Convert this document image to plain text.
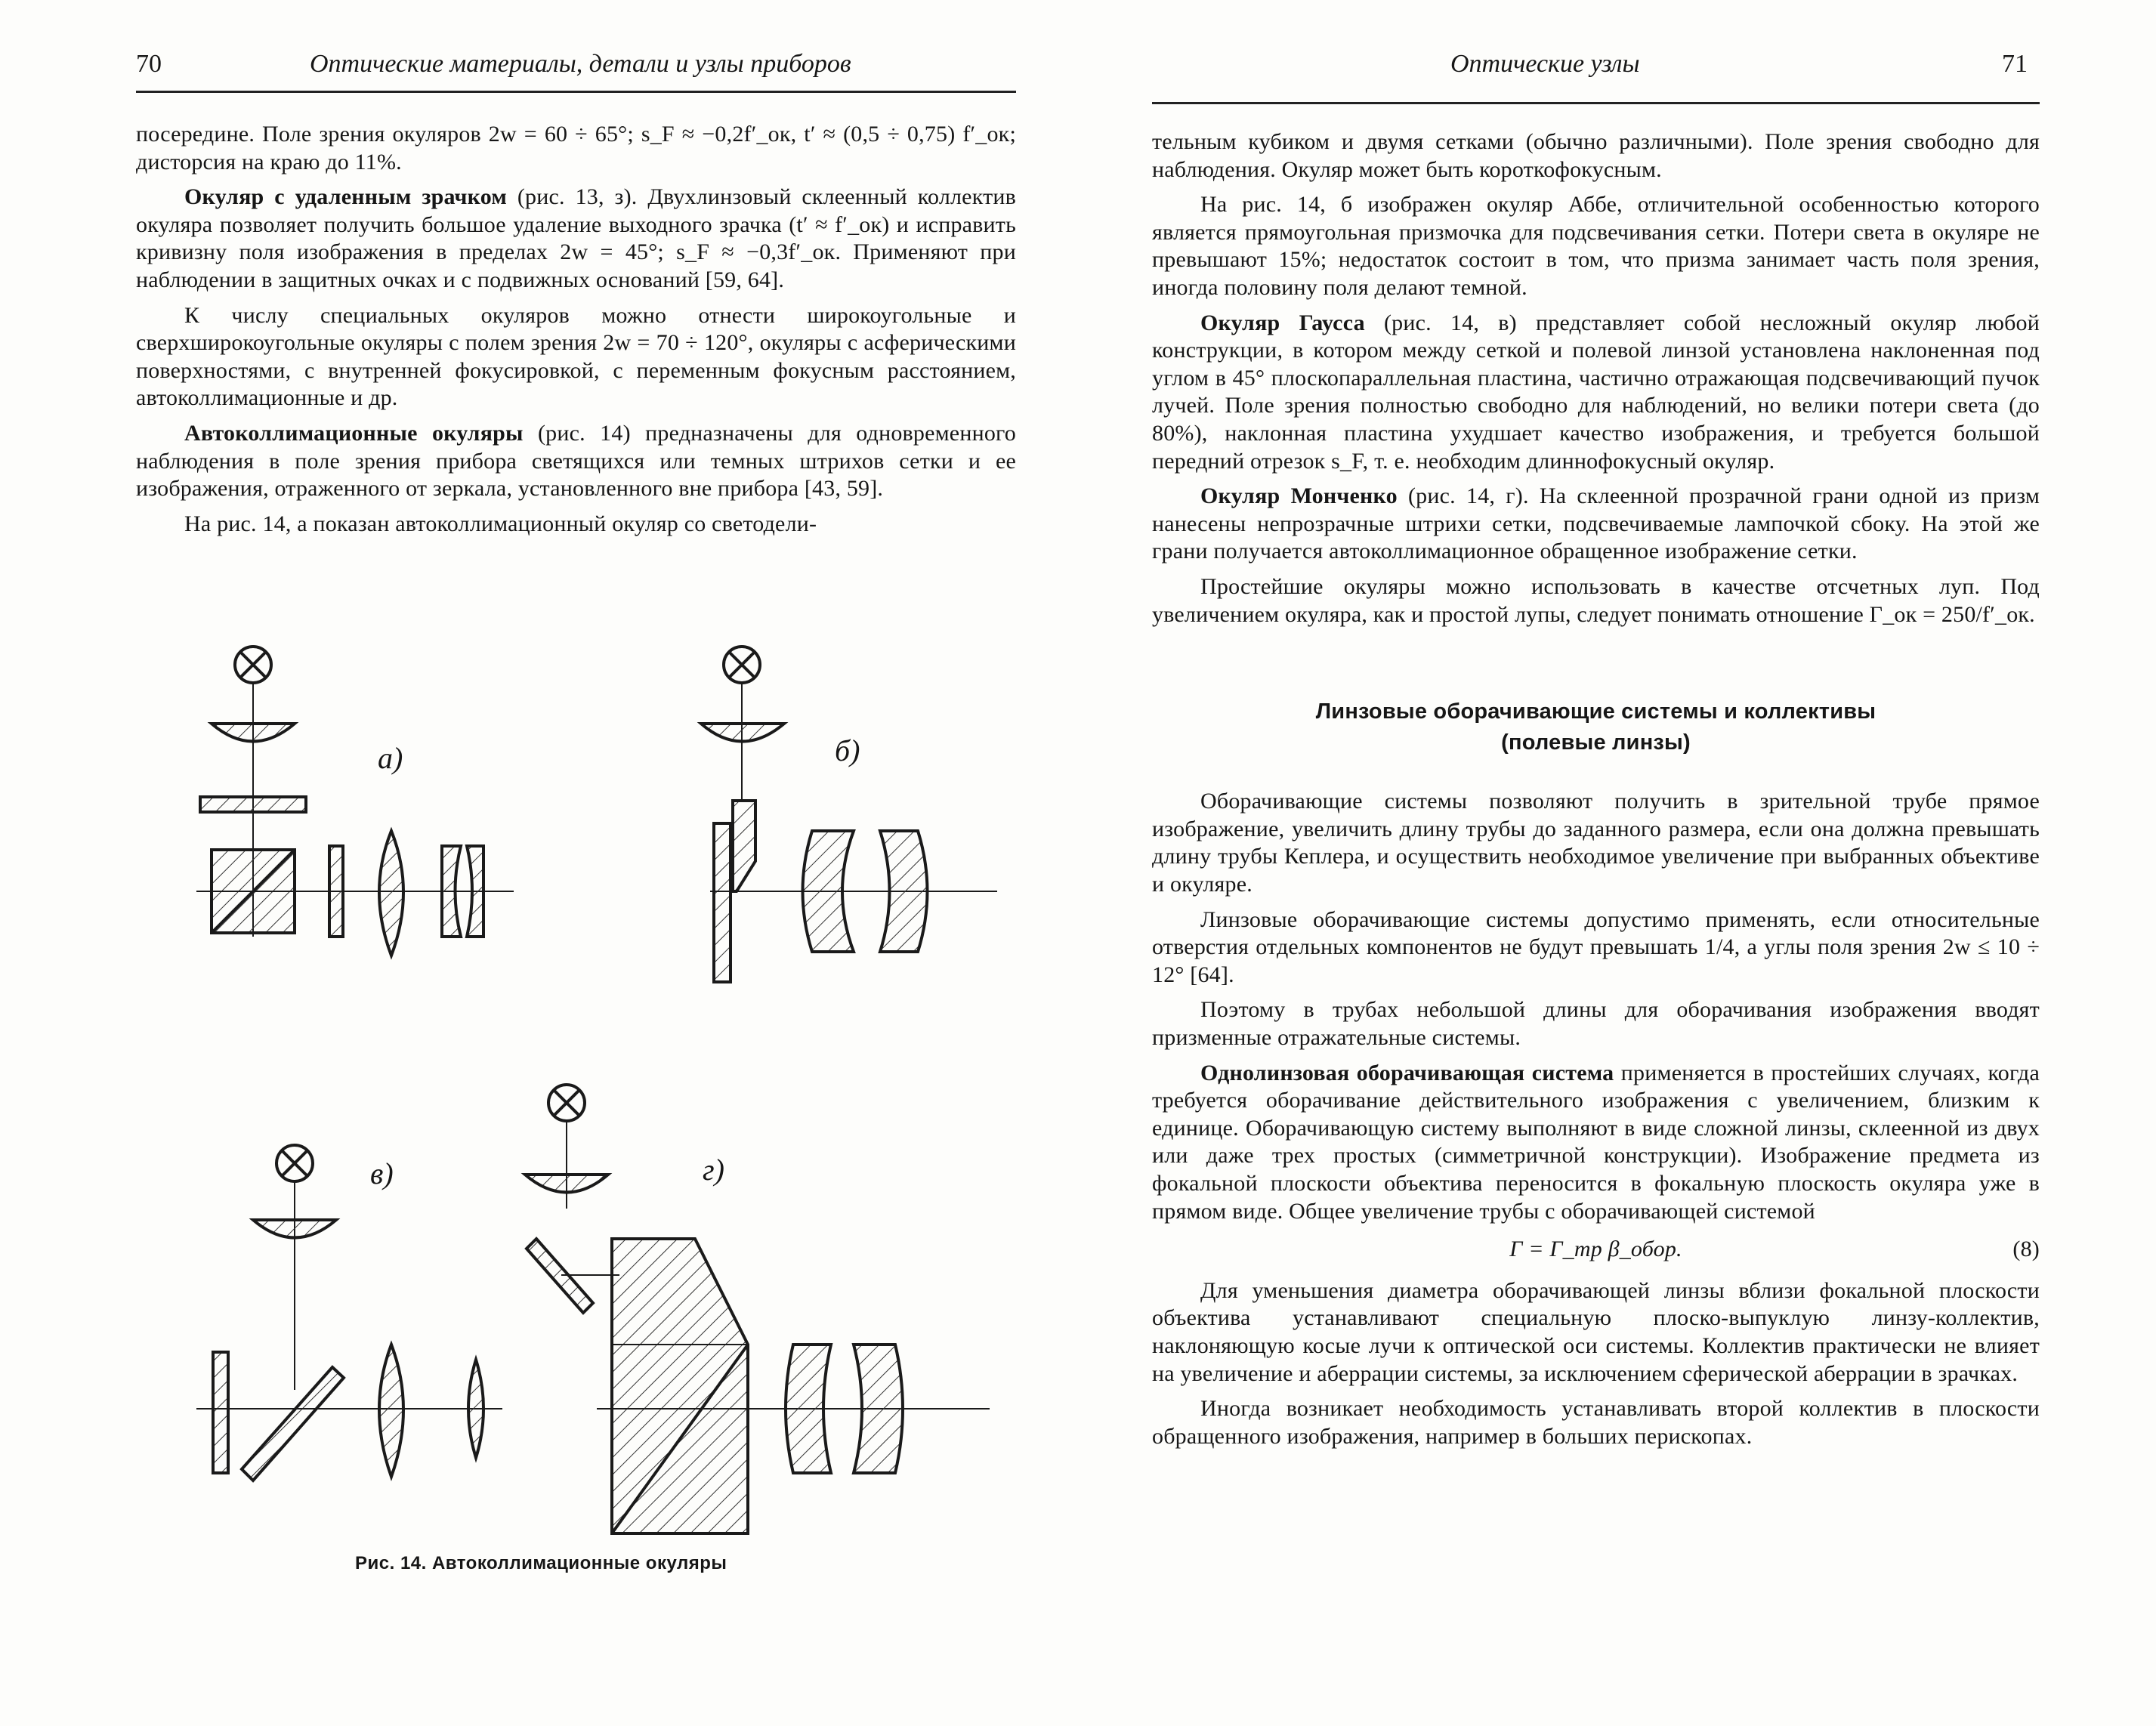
70	Оптические материалы, детали и узлы приборов

посередине. Поле зрения окуляров 2w = 60 ÷ 65°; s_F ≈ −0,2f′_ок, t′ ≈ (0,5 ÷ 0,75) f′_ок; дисторсия на краю до 11%.

Окуляр с удаленным зрачком (рис. 13, з). Двухлинзовый склеенный коллектив окуляра позволяет получить большое удаление выходного зрачка (t′ ≈ f′_ок) и исправить кривизну поля изображения в пределах 2w = 45°; s_F ≈ −0,3f′_ок. Применяют при наблюдении в защитных очках и с подвижных оснований [59, 64].

К числу специальных окуляров можно отнести широкоугольные и сверхширокоугольные окуляры с полем зрения 2w = 70 ÷ 120°, окуляры с асферическими поверхностями, с внутренней фокусировкой, с переменным фокусным расстоянием, автоколлимационные и др.

Автоколлимационные окуляры (рис. 14) предназначены для одновременного наблюдения в поле зрения прибора светящихся или темных штрихов сетки и ее изображения, отраженного от зеркала, установленного вне прибора [43, 59].

На рис. 14, а показан автоколлимационный окуляр со светодели-

а)	б)
в)	г)
Рис. 14. Автоколлимационные окуляры
Оптические узлы	71

тельным кубиком и двумя сетками (обычно различными). Поле зрения свободно для наблюдения. Окуляр может быть короткофокусным.

На рис. 14, б изображен окуляр Аббе, отличительной особенностью которого является прямоугольная призмочка для подсвечивания сетки. Потери света в окуляре не превышают 15%; недостаток состоит в том, что призма занимает часть поля зрения, иногда половину поля делают темной.

Окуляр Гаусса (рис. 14, в) представляет собой несложный окуляр любой конструкции, в котором между сеткой и полевой линзой установлена наклоненная под углом в 45° плоскопараллельная пластина, частично отражающая подсвечивающий пучок лучей. Поле зрения полностью свободно для наблюдений, но велики потери света (до 80%), наклонная пластина ухудшает качество изображения, и требуется большой передний отрезок s_F, т. е. необходим длиннофокусный окуляр.

Окуляр Монченко (рис. 14, г). На склеенной прозрачной грани одной из призм нанесены непрозрачные штрихи сетки, подсвечиваемые лампочкой сбоку. На этой же грани получается автоколлимационное обращенное изображение сетки.

Простейшие окуляры можно использовать в качестве отсчетных луп. Под увеличением окуляра, как и простой лупы, следует понимать отношение Γ_ок = 250/f′_ок.

Линзовые оборачивающие системы и коллективы
(полевые линзы)

Оборачивающие системы позволяют получить в зрительной трубе прямое изображение, увеличить длину трубы до заданного размера, если она должна превышать длину трубы Кеплера, и осуществить необходимое увеличение при выбранных объективе и окуляре.

Линзовые оборачивающие системы допустимо применять, если относительные отверстия отдельных компонентов не будут превышать 1/4, а углы поля зрения 2w ≤ 10 ÷ 12° [64].

Поэтому в трубах небольшой длины для оборачивания изображения вводят призменные отражательные системы.

Однолинзовая оборачивающая система применяется в простейших случаях, когда требуется оборачивание действительного изображения с увеличением, близким к единице. Оборачивающую систему выполняют в виде сложной линзы, склеенной из двух или даже трех простых (симметричной конструкции). Изображение предмета из фокальной плоскости объектива переносится в фокальную плоскость окуляра уже в прямом виде. Общее увеличение трубы с оборачивающей системой

Γ = Γ_тр β_обор.	(8)

Для уменьшения диаметра оборачивающей линзы вблизи фокальной плоскости объектива устанавливают специальную плоско-выпуклую линзу-коллектив, наклоняющую косые лучи к оптической оси системы. Коллектив практически не влияет на увеличение и аберрации системы, за исключением сферической аберрации в зрачках.

Иногда возникает необходимость устанавливать второй коллектив в плоскости обращенного изображения, например в больших перископах.
